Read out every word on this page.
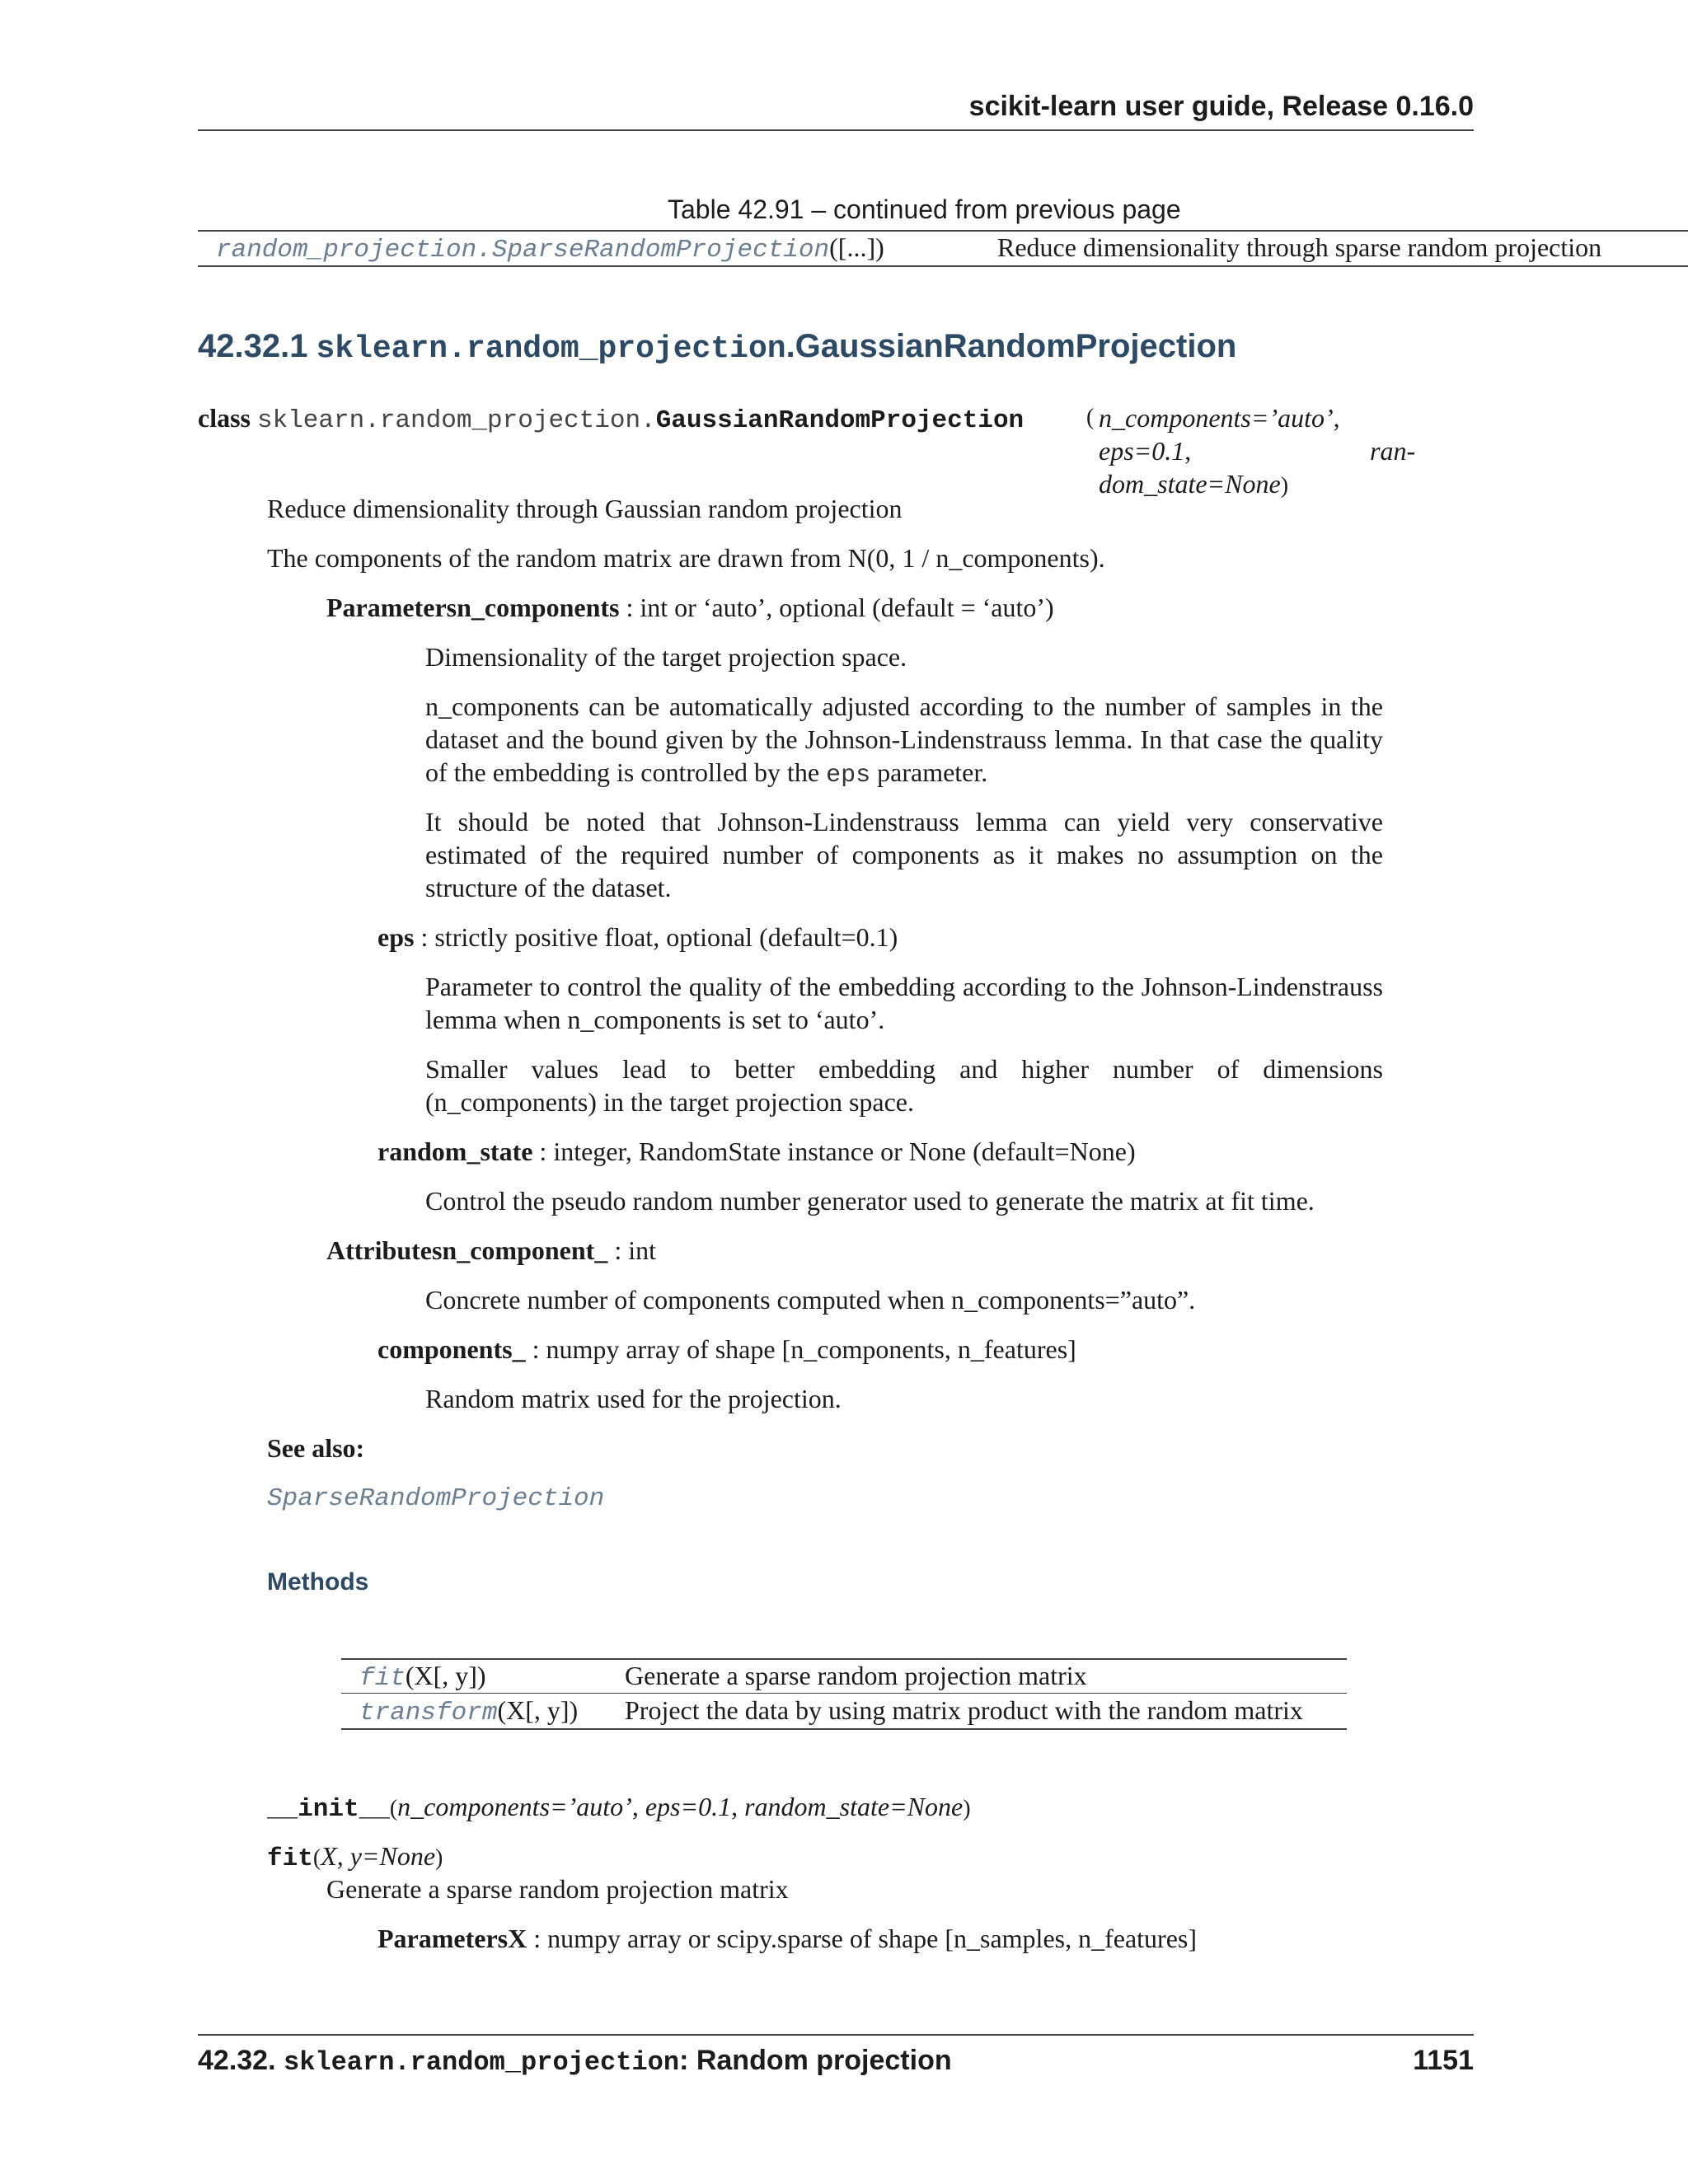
scikit-learn user guide, Release 0.16.0
Table 42.91 – continued from previous page
random_projection.SparseRandomProjection([...])	Reduce dimensionality through sparse random projection
42.32.1 sklearn.random_projection.GaussianRandomProjection
class sklearn.random_projection.GaussianRandomProjection	( n_components=’auto’,
eps=0.1,	ran-
dom_state=None)
Reduce dimensionality through Gaussian random projection
The components of the random matrix are drawn from N(0, 1 / n_components).
Parametersn_components : int or ‘auto’, optional (default = ‘auto’)
Dimensionality of the target projection space.
n_components can be automatically adjusted according to the number of samples in the dataset and the bound given by the Johnson-Lindenstrauss lemma. In that case the quality of the embedding is controlled by the eps parameter.
It should be noted that Johnson-Lindenstrauss lemma can yield very conservative estimated of the required number of components as it makes no assumption on the structure of the dataset.
eps : strictly positive float, optional (default=0.1)
Parameter to control the quality of the embedding according to the Johnson-Lindenstrauss lemma when n_components is set to ‘auto’.
Smaller values lead to better embedding and higher number of dimensions (n_components) in the target projection space.
random_state : integer, RandomState instance or None (default=None)
Control the pseudo random number generator used to generate the matrix at fit time.
Attributesn_component_ : int
Concrete number of components computed when n_components=”auto”.
components_ : numpy array of shape [n_components, n_features]
Random matrix used for the projection.
See also:
SparseRandomProjection
Methods
fit(X[, y])	Generate a sparse random projection matrix
transform(X[, y]) Project the data by using matrix product with the random matrix
__init__(n_components=’auto’, eps=0.1, random_state=None)
fit(X, y=None)
Generate a sparse random projection matrix
ParametersX : numpy array or scipy.sparse of shape [n_samples, n_features]
42.32. sklearn.random_projection: Random projection	1151
